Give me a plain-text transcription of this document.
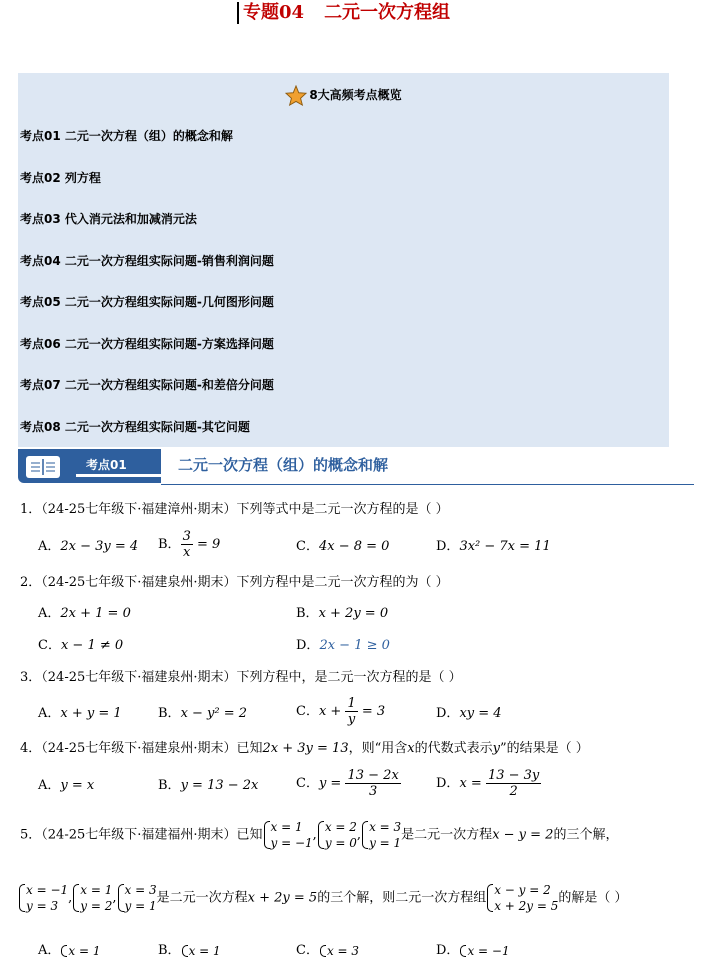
专题04 二元一次方程组
8大高频考点概览
考点01 二元一次方程（组）的概念和解
考点02 列方程
考点03 代入消元法和加减消元法
考点04 二元一次方程组实际问题-销售利润问题
考点05 二元一次方程组实际问题-几何图形问题
考点06 二元一次方程组实际问题-方案选择问题
考点07 二元一次方程组实际问题-和差倍分问题
考点08 二元一次方程组实际问题-其它问题
考点01	二元一次方程（组）的概念和解
1．（24-25七年级下·福建漳州·期末）下列等式中是二元一次方程的是（ ）
A．2x − 3y = 4 B． $\frac{3}{x} = 9$	C．4x − 8 = 0	D．3x² − 7x = 11
2．（24-25七年级下·福建泉州·期末）下列方程中是二元一次方程的为（ ）
A．2x + 1 = 0	B．x + 2y = 0
C．x − 1 ≠ 0	D．2x − 1 ≥ 0
3．（24-25七年级下·福建泉州·期末）下列方程中，是二元一次方程的是（ ）
A．x + y = 1	B．x − y² = 2	C．$x + \frac{1}{y} = 3$	D．xy = 4
4．（24-25七年级下·福建泉州·期末）已知2x + 3y = 13，则“用含x的代数式表示y”的结果是（ ）
A．y = x	B．y = 13 − 2x	C．$y = \frac{13 - 2x}{3}$	D．$x = \frac{13 - 3y}{2}$
5．（24-25七年级下·福建福州·期末）已知
x = 1
y = −1
,
x = 2
y = 0
,
x = 3
y = 1
是二元一次方程x − y = 2的三个解，
x = −1
y = 3
,
x = 1
y = 2
,
x = 3
y = 1
是二元一次方程x + 2y = 5的三个解，则二元一次方程组
x − y = 2
x + 2y = 5
的解是（ ）
A． x = 1	B． x = 1	C． x = 3	D． x = −1
